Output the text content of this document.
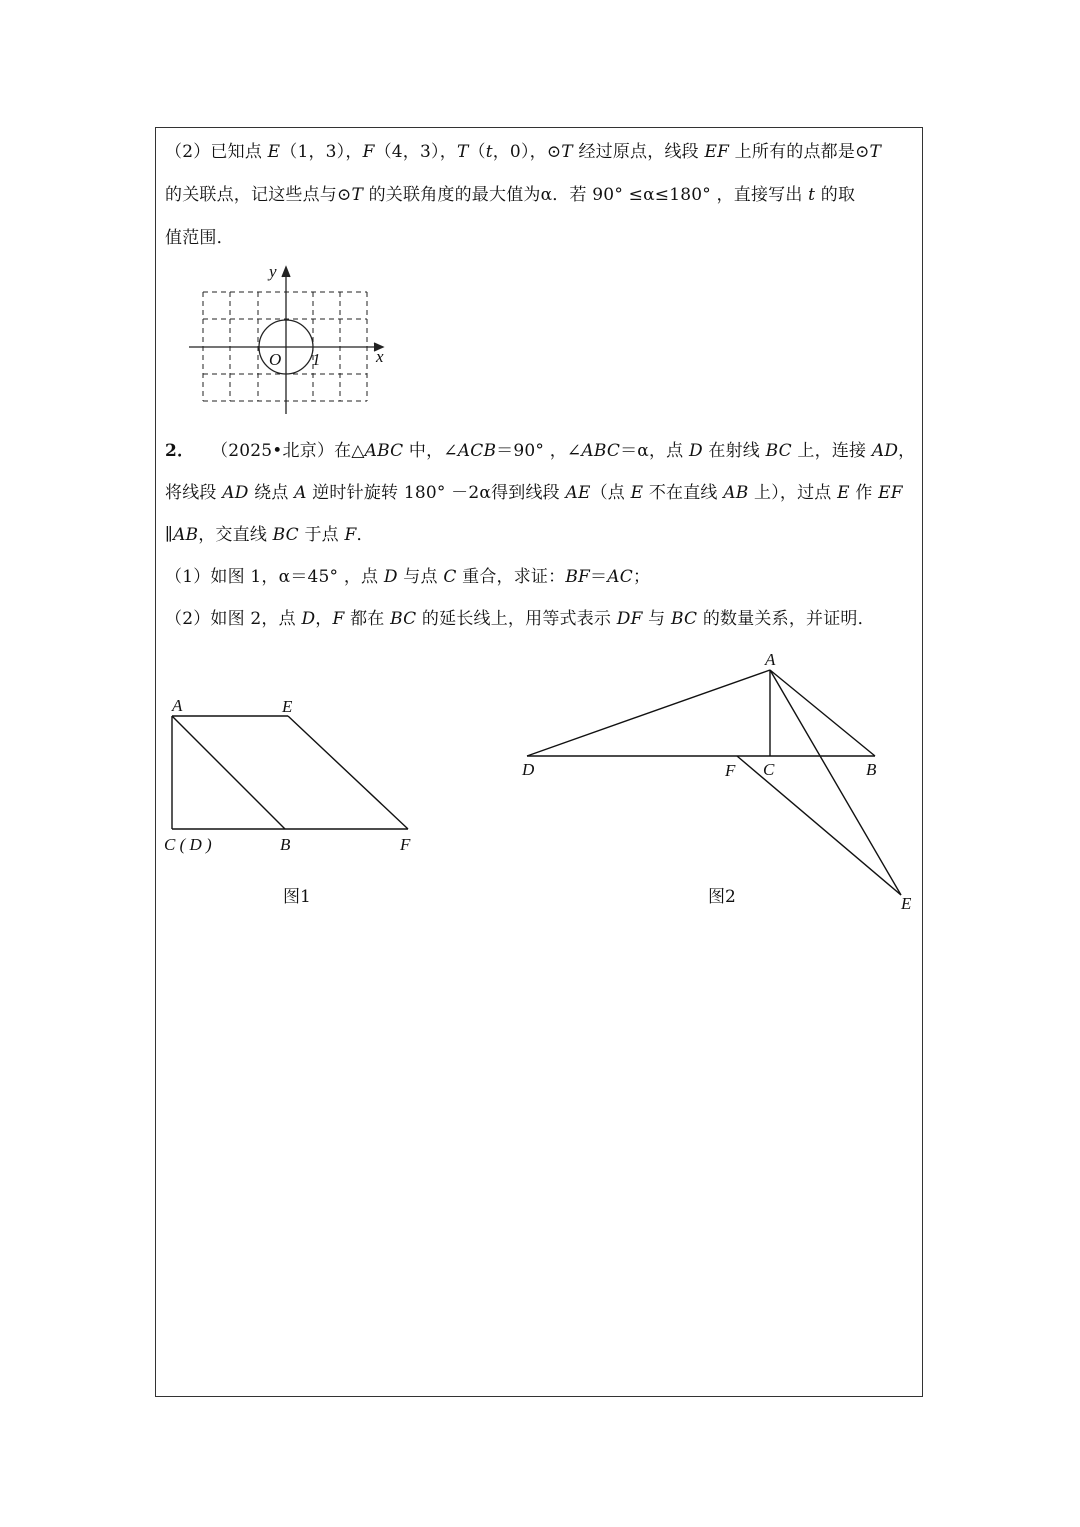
（2）已知点 E（1，3），F（4，3），T（t，0），⊙T 经过原点，线段 EF 上所有的点都是⊙T
的关联点，记这些点与⊙T 的关联角度的最大值为α．若 90° ≤α≤180° ，直接写出 t 的取
值范围．
y
x
O 1
2． （2025•北京）在△ABC 中，∠ACB＝90° ，∠ABC＝α，点 D 在射线 BC 上，连接 AD，
将线段 AD 绕点 A 逆时针旋转 180° －2α得到线段 AE（点 E 不在直线 AB 上），过点 E 作 EF
∥AB，交直线 BC 于点 F．
（1）如图 1，α＝45° ，点 D 与点 C 重合，求证：BF＝AC；
（2）如图 2，点 D，F 都在 BC 的延长线上，用等式表示 DF 与 BC 的数量关系，并证明．
A	E
C ( D )	B	F
图1
A
D	F C	B
E
图2
